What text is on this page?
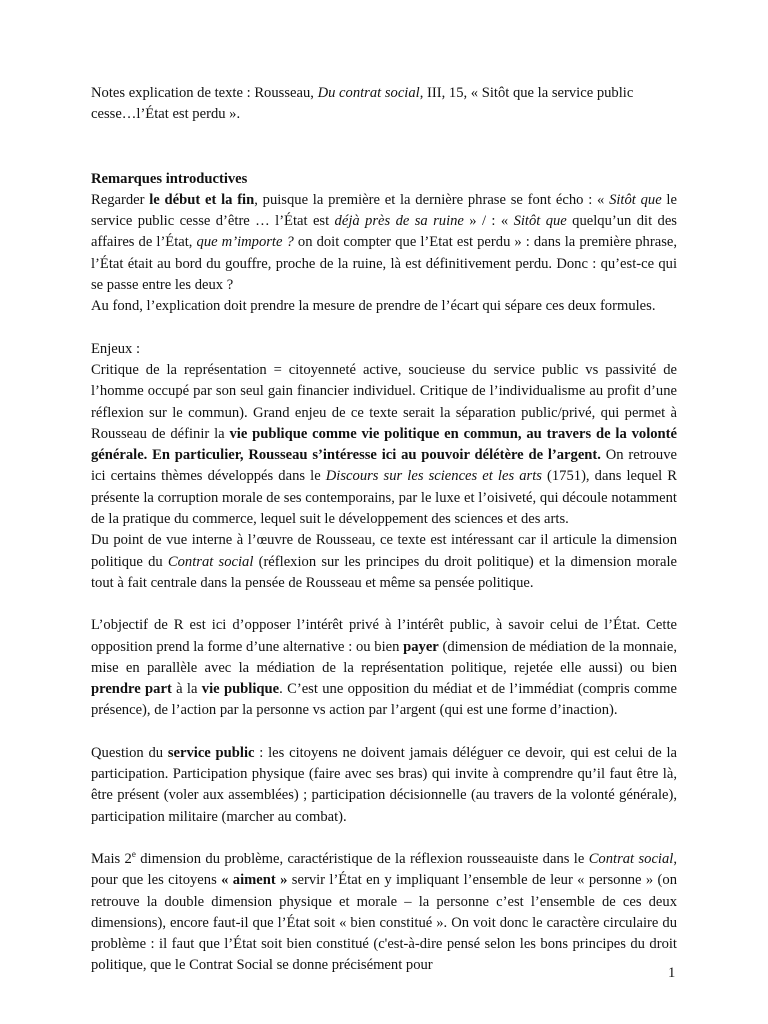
Notes explication de texte : Rousseau, Du contrat social, III, 15, « Sitôt que la service public cesse…l’État est perdu ».

Remarques introductives

Regarder le début et la fin, puisque la première et la dernière phrase se font écho : « Sitôt que le service public cesse d’être … l’État est déjà près de sa ruine » / : « Sitôt que quelqu’un dit des affaires de l’État, que m’importe ? on doit compter que l’Etat est perdu » : dans la première phrase, l’État était au bord du gouffre, proche de la ruine, là est définitivement perdu. Donc : qu’est-ce qui se passe entre les deux ?

Au fond, l’explication doit prendre la mesure de prendre de l’écart qui sépare ces deux formules.

Enjeux :

Critique de la représentation = citoyenneté active, soucieuse du service public vs passivité de l’homme occupé par son seul gain financier individuel. Critique de l’individualisme au profit d’une réflexion sur le commun). Grand enjeu de ce texte serait la séparation public/privé, qui permet à Rousseau de définir la vie publique comme vie politique en commun, au travers de la volonté générale. En particulier, Rousseau s’intéresse ici au pouvoir délétère de l’argent. On retrouve ici certains thèmes développés dans le Discours sur les sciences et les arts (1751), dans lequel R présente la corruption morale de ses contemporains, par le luxe et l’oisiveté, qui découle notamment de la pratique du commerce, lequel suit le développement des sciences et des arts.

Du point de vue interne à l’œuvre de Rousseau, ce texte est intéressant car il articule la dimension politique du Contrat social (réflexion sur les principes du droit politique) et la dimension morale tout à fait centrale dans la pensée de Rousseau et même sa pensée politique.

L’objectif de R est ici d’opposer l’intérêt privé à l’intérêt public, à savoir celui de l’État. Cette opposition prend la forme d’une alternative : ou bien payer (dimension de médiation de la monnaie, mise en parallèle avec la médiation de la représentation politique, rejetée elle aussi) ou bien prendre part à la vie publique. C’est une opposition du médiat et de l’immédiat (compris comme présence), de l’action par la personne vs action par l’argent (qui est une forme d’inaction).

Question du service public : les citoyens ne doivent jamais déléguer ce devoir, qui est celui de la participation. Participation physique (faire avec ses bras) qui invite à comprendre qu’il faut être là, être présent (voler aux assemblées) ; participation décisionnelle (au travers de la volonté générale), participation militaire (marcher au combat).

Mais 2e dimension du problème, caractéristique de la réflexion rousseauiste dans le Contrat social, pour que les citoyens « aiment » servir l’État en y impliquant l’ensemble de leur « personne » (on retrouve la double dimension physique et morale – la personne c’est l’ensemble de ces deux dimensions), encore faut-il que l’État soit « bien constitué ». On voit donc le caractère circulaire du problème : il faut que l’État soit bien constitué (c'est-à-dire pensé selon les bons principes du droit politique, que le Contrat Social se donne précisément pour	1
